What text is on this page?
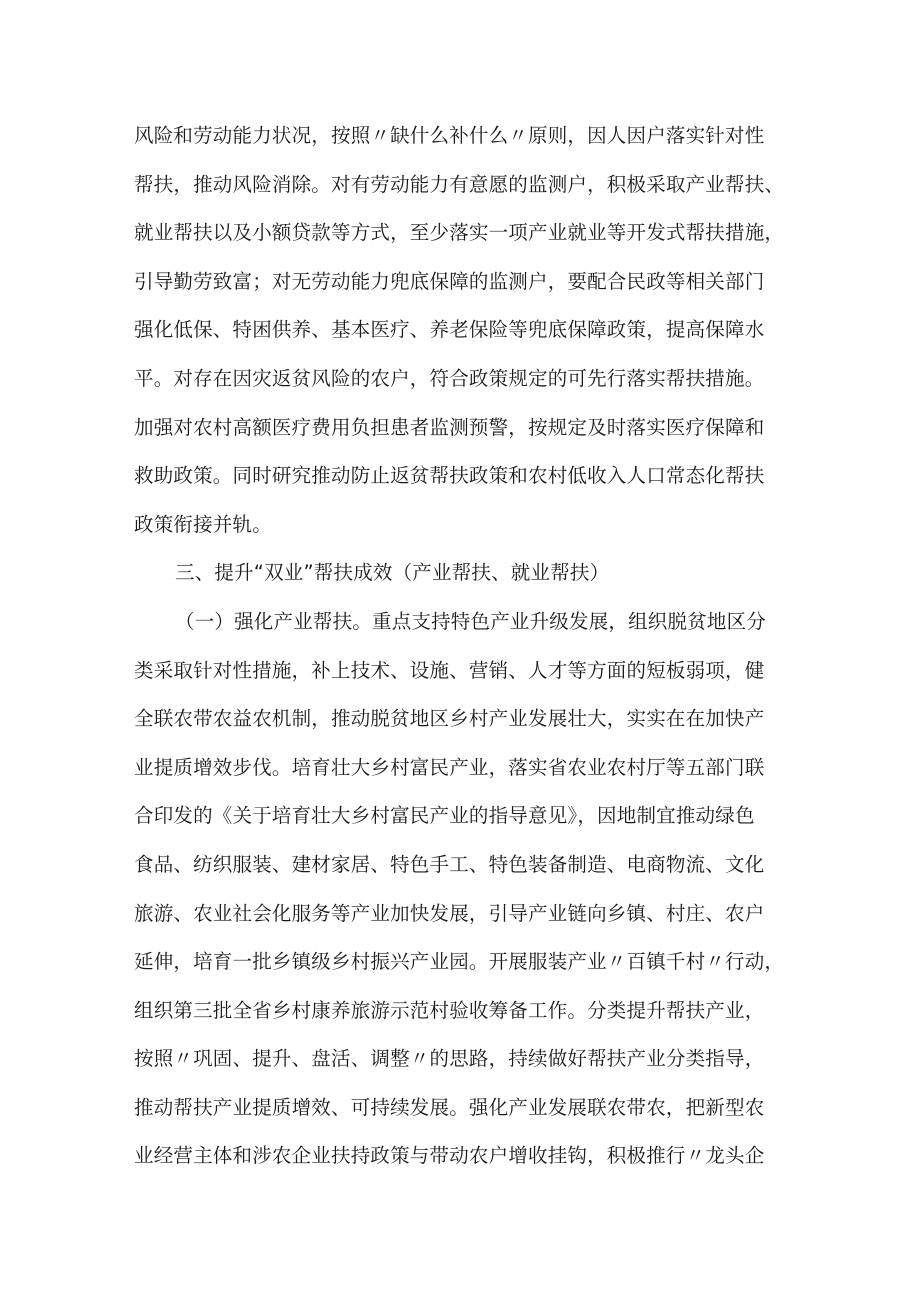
风险和劳动能力状况，按照〃缺什么补什么〃原则，因人因户落实针对性
帮扶，推动风险消除。对有劳动能力有意愿的监测户，积极采取产业帮扶、
就业帮扶以及小额贷款等方式，至少落实一项产业就业等开发式帮扶措施，
引导勤劳致富；对无劳动能力兜底保障的监测户，要配合民政等相关部门
强化低保、特困供养、基本医疗、养老保险等兜底保障政策，提高保障水
平。对存在因灾返贫风险的农户，符合政策规定的可先行落实帮扶措施。
加强对农村高额医疗费用负担患者监测预警，按规定及时落实医疗保障和
救助政策。同时研究推动防止返贫帮扶政策和农村低收入人口常态化帮扶
政策衔接并轨。
三、提升“双业”帮扶成效（产业帮扶、就业帮扶）
（一）强化产业帮扶。重点支持特色产业升级发展，组织脱贫地区分
类采取针对性措施，补上技术、设施、营销、人才等方面的短板弱项，健
全联农带农益农机制，推动脱贫地区乡村产业发展壮大，实实在在加快产
业提质增效步伐。培育壮大乡村富民产业，落实省农业农村厅等五部门联
合印发的《关于培育壮大乡村富民产业的指导意见》，因地制宜推动绿色
食品、纺织服装、建材家居、特色手工、特色装备制造、电商物流、文化
旅游、农业社会化服务等产业加快发展，引导产业链向乡镇、村庄、农户
延伸，培育一批乡镇级乡村振兴产业园。开展服装产业〃百镇千村〃行动，
组织第三批全省乡村康养旅游示范村验收筹备工作。分类提升帮扶产业，
按照〃巩固、提升、盘活、调整〃的思路，持续做好帮扶产业分类指导，
推动帮扶产业提质增效、可持续发展。强化产业发展联农带农，把新型农
业经营主体和涉农企业扶持政策与带动农户增收挂钩，积极推行〃龙头企
